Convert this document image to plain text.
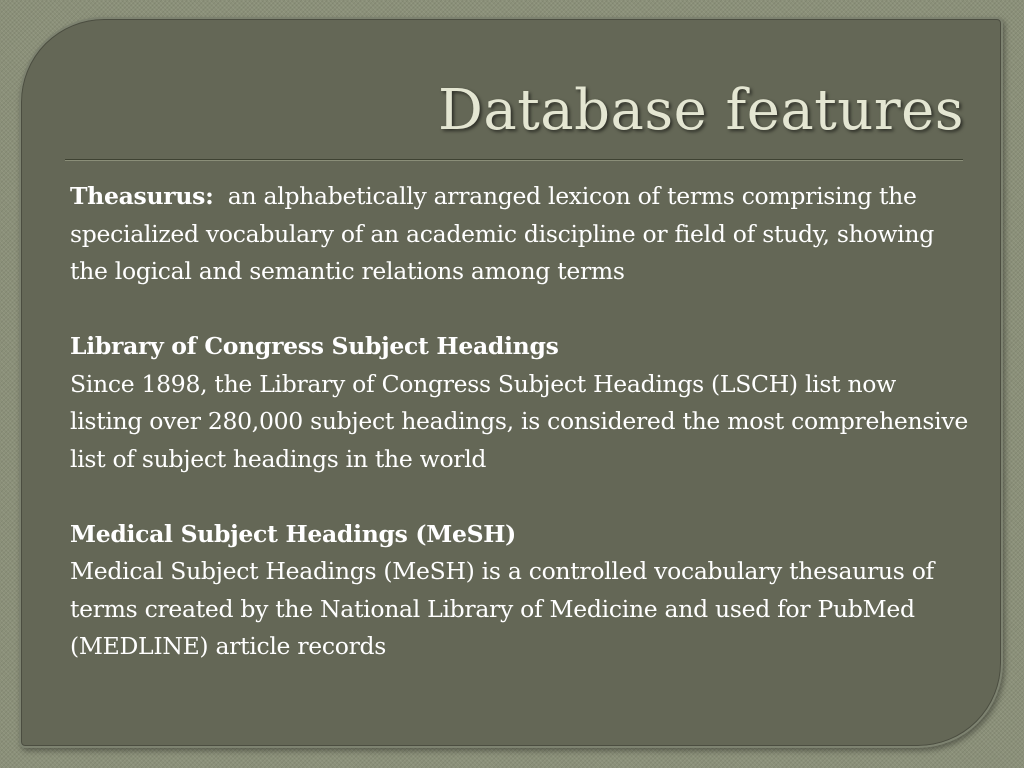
Database features

Theasurus: an alphabetically arranged lexicon of terms comprising the specialized vocabulary of an academic discipline or field of study, showing the logical and semantic relations among terms

Library of Congress Subject Headings
Since 1898, the Library of Congress Subject Headings (LSCH) list now listing over 280,000 subject headings, is considered the most comprehensive list of subject headings in the world

Medical Subject Headings (MeSH)
Medical Subject Headings (MeSH) is a controlled vocabulary thesaurus of terms created by the National Library of Medicine and used for PubMed (MEDLINE) article records
